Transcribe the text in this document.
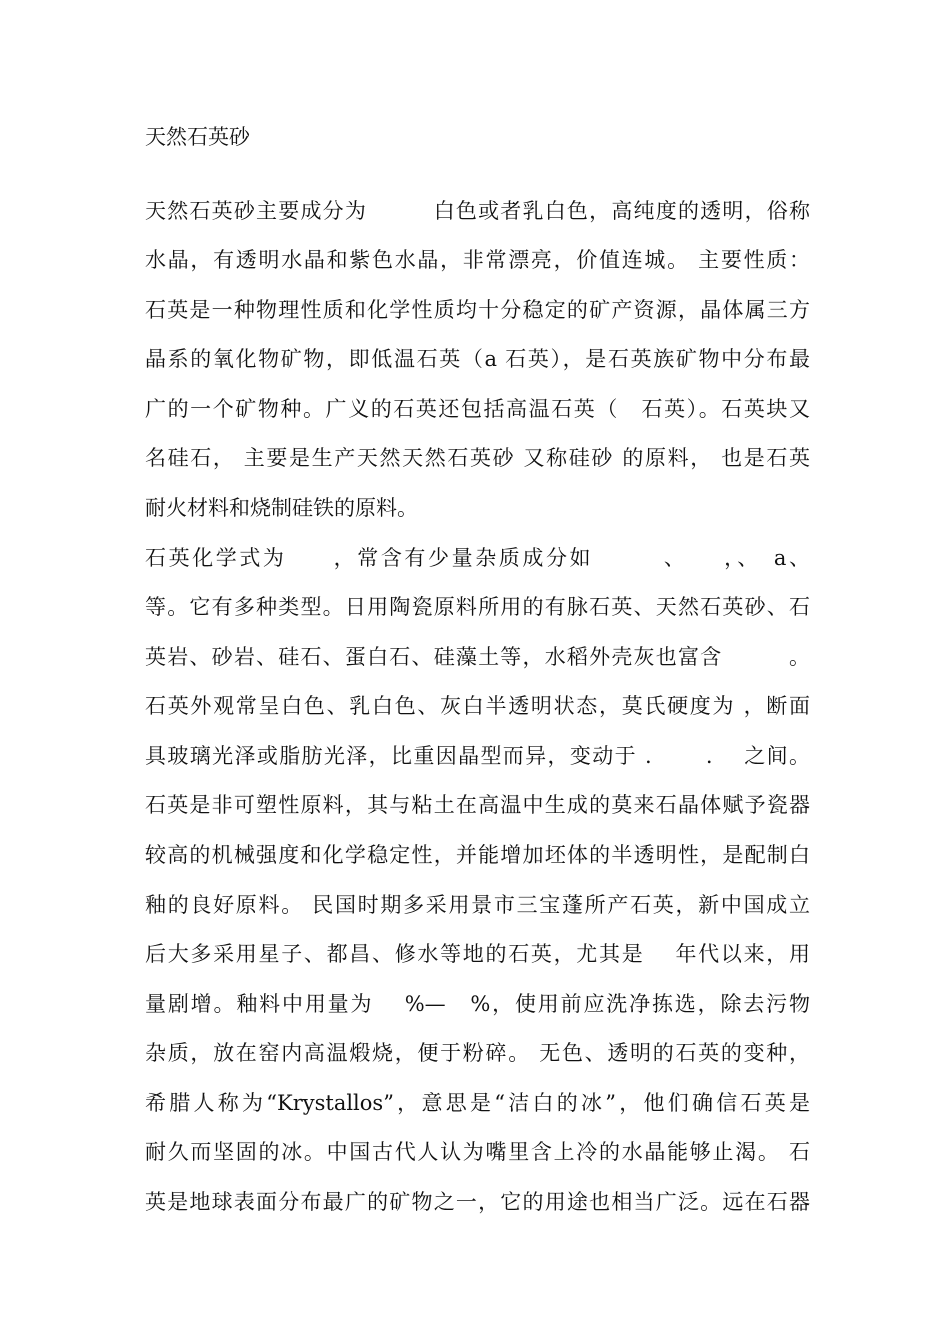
天然石英砂
天然石英砂主要成分为　　　白色或者乳白色，高纯度的透明，俗称
水晶，有透明水晶和紫色水晶，非常漂亮，价值连城。 主要性质：
石英是一种物理性质和化学性质均十分稳定的矿产资源，晶体属三方
晶系的氧化物矿物，即低温石英（a 石英），是石英族矿物中分布最
广的一个矿物种。广义的石英还包括高温石英（　石英）。石英块又
名硅石， 主要是生产天然天然石英砂 又称硅砂 的原料， 也是石英
耐火材料和烧制硅铁的原料。
石英化学式为　　，常含有少量杂质成分如　　　、　　，、　a、
等。它有多种类型。日用陶瓷原料所用的有脉石英、天然石英砂、石
英岩、砂岩、硅石、蛋白石、硅藻土等，水稻外壳灰也富含　　　。
石英外观常呈白色、乳白色、灰白半透明状态，莫氏硬度为 ，断面
具玻璃光泽或脂肪光泽，比重因晶型而异，变动于 .　　 .　 之间。
石英是非可塑性原料，其与粘土在高温中生成的莫来石晶体赋予瓷器
较高的机械强度和化学稳定性，并能增加坯体的半透明性，是配制白
釉的良好原料。 民国时期多采用景市三宝蓬所产石英，新中国成立
后大多采用星子、都昌、修水等地的石英，尤其是　 年代以来，用
量剧增。釉料中用量为　 %—　%，使用前应洗净拣选，除去污物
杂质，放在窑内高温煅烧，便于粉碎。 无色、透明的石英的变种，
希腊人称为“Krystallos”，意思是“洁白的冰”，他们确信石英是
耐久而坚固的冰。中国古代人认为嘴里含上冷的水晶能够止渴。 石
英是地球表面分布最广的矿物之一，它的用途也相当广泛。远在石器
